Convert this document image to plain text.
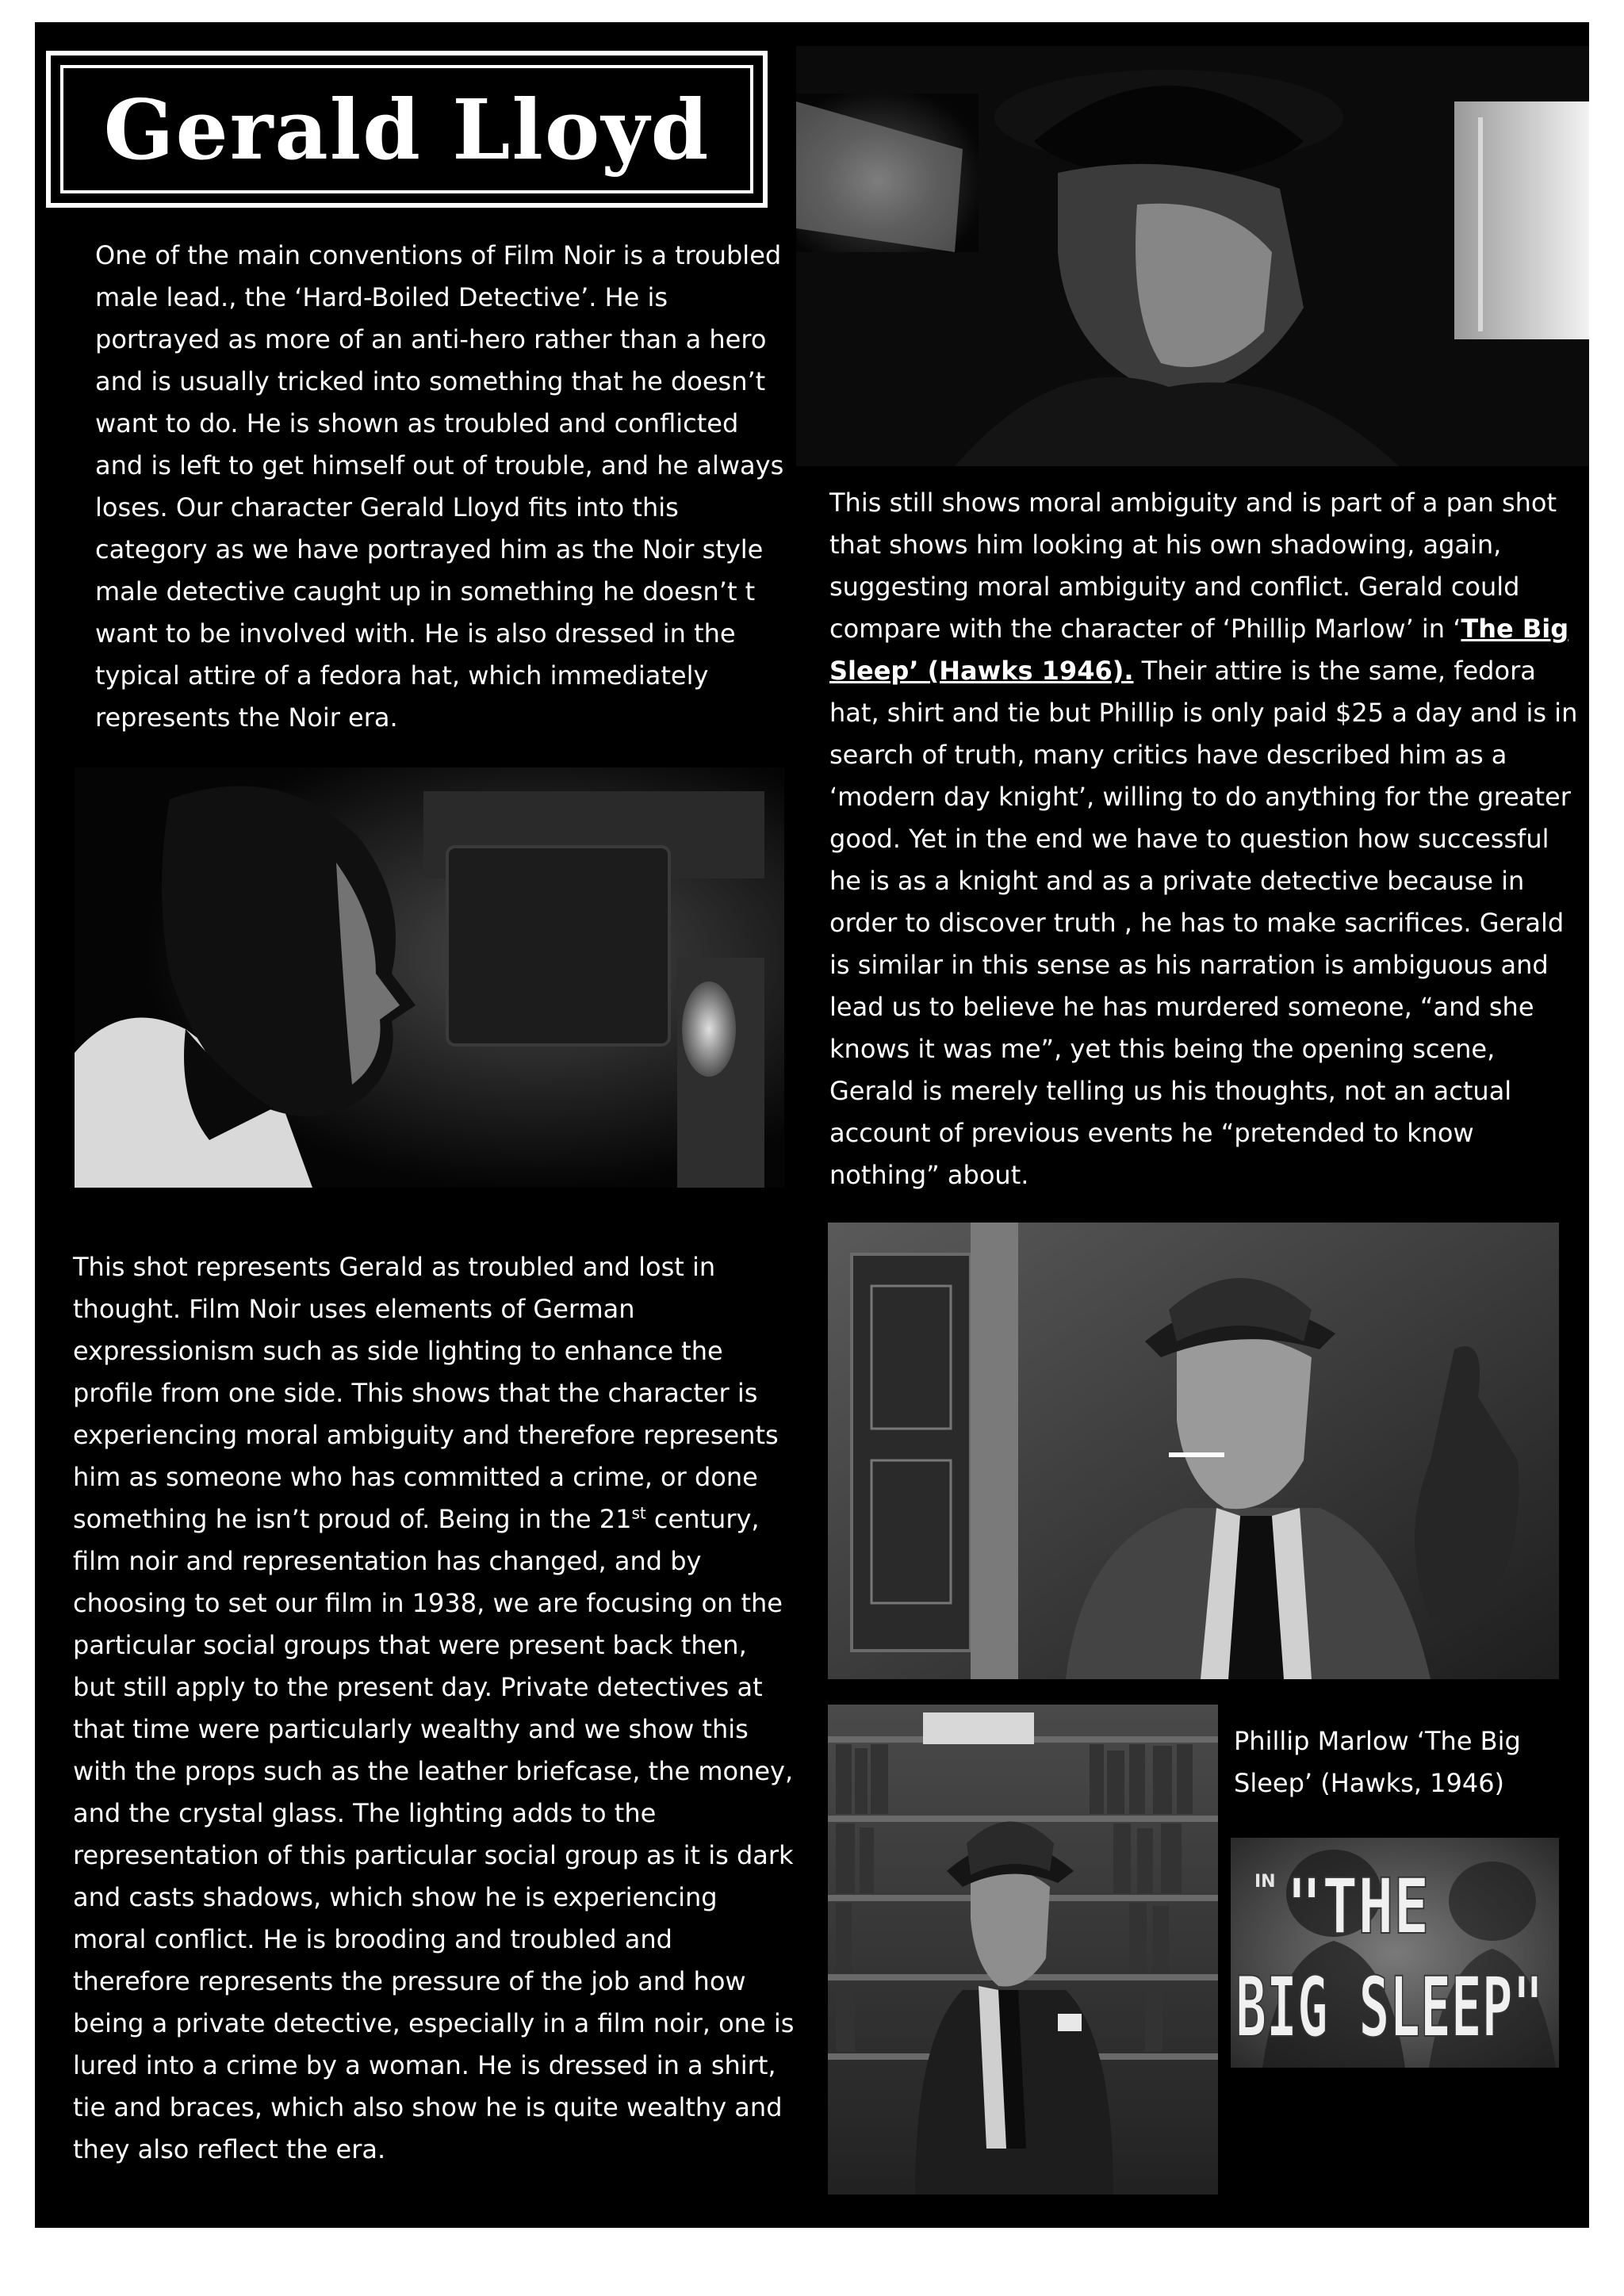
Gerald Lloyd

One of the main conventions of Film Noir is a troubled male lead., the ‘Hard-Boiled Detective’. He is portrayed as more of an anti-hero rather than a hero and is usually tricked into something that he doesn’t want to do. He is shown as troubled and conflicted and is left to get himself out of trouble, and he always loses. Our character Gerald Lloyd fits into this category as we have portrayed him as the Noir style male detective caught up in something he doesn’t t want to be involved with. He is also dressed in the typical attire of a fedora hat, which immediately represents the Noir era.

This still shows moral ambiguity and is part of a pan shot that shows him looking at his own shadowing, again, suggesting moral ambiguity and conflict. Gerald could compare with the character of ‘Phillip Marlow’ in ‘The Big Sleep’ (Hawks 1946). Their attire is the same, fedora hat, shirt and tie but Phillip is only paid $25 a day and is in search of truth, many critics have described him as a ‘modern day knight’, willing to do anything for the greater good. Yet in the end we have to question how successful he is as a knight and as a private detective because in order to discover truth , he has to make sacrifices. Gerald is similar in this sense as his narration is ambiguous and lead us to believe he has murdered someone, “and she knows it was me”, yet this being the opening scene, Gerald is merely telling us his thoughts, not an actual account of previous events he “pretended to know nothing” about.

This shot represents Gerald as troubled and lost in thought. Film Noir uses elements of German expressionism such as side lighting to enhance the profile from one side. This shows that the character is experiencing moral ambiguity and therefore represents him as someone who has committed a crime, or done something he isn’t proud of. Being in the 21st century, film noir and representation has changed, and by choosing to set our film in 1938, we are focusing on the particular social groups that were present back then, but still apply to the present day. Private detectives at that time were particularly wealthy and we show this with the props such as the leather briefcase, the money, and the crystal glass. The lighting adds to the representation of this particular social group as it is dark and casts shadows, which show he is experiencing moral conflict. He is brooding and troubled and therefore represents the pressure of the job and how being a private detective, especially in a film noir, one is lured into a crime by a woman. He is dressed in a shirt, tie and braces, which also show he is quite wealthy and they also reflect the era.

Phillip Marlow ‘The Big Sleep’ (Hawks, 1946)

IN "THE
BIG SLEEP"
